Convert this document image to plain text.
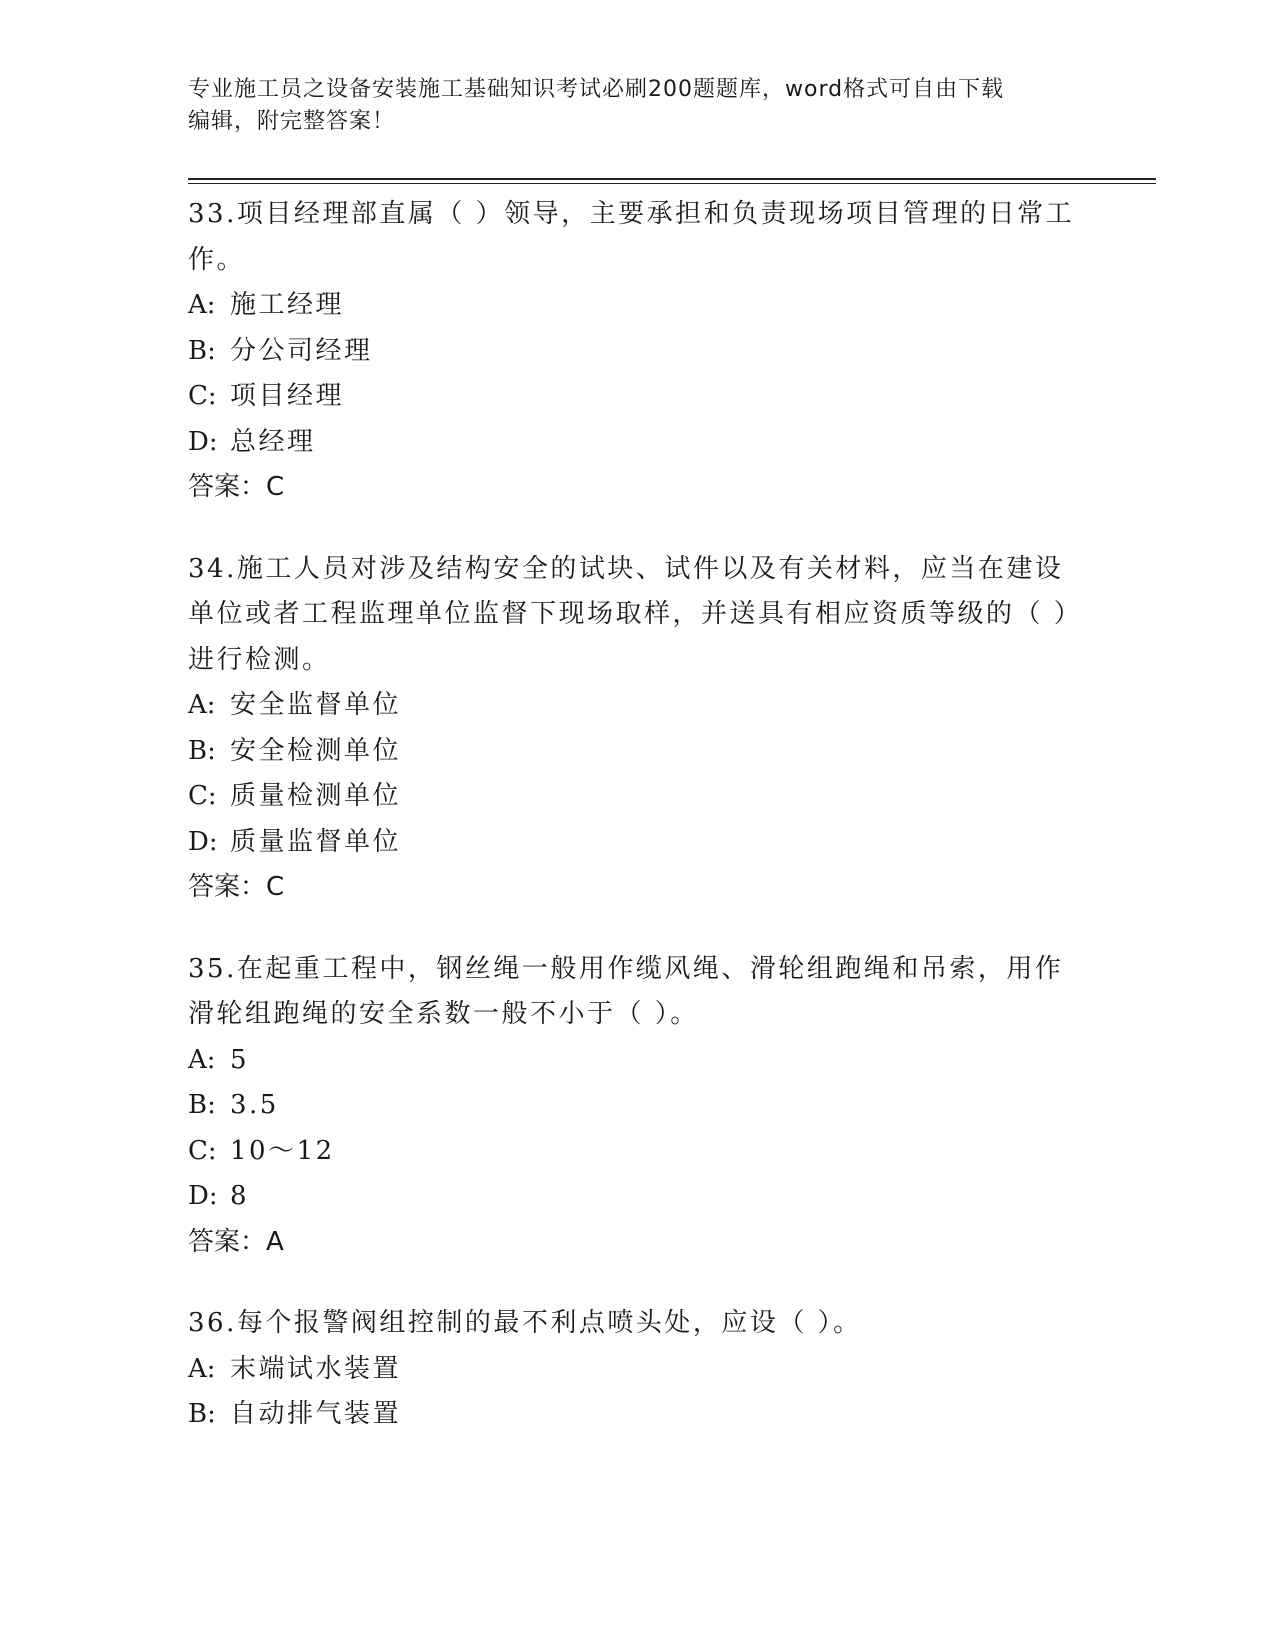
专业施工员之设备安装施工基础知识考试必刷200题题库，word格式可自由下载
编辑，附完整答案！

33.项目经理部直属（ ）领导，主要承担和负责现场项目管理的日常工作。

A: 施工经理

B: 分公司经理

C: 项目经理

D: 总经理

答案：C

34.施工人员对涉及结构安全的试块、试件以及有关材料，应当在建设单位或者工程监理单位监督下现场取样，并送具有相应资质等级的（ ）进行检测。

A: 安全监督单位

B: 安全检测单位

C: 质量检测单位

D: 质量监督单位

答案：C

35.在起重工程中，钢丝绳一般用作缆风绳、滑轮组跑绳和吊索，用作滑轮组跑绳的安全系数一般不小于（ ）。

A: 5

B: 3.5

C: 10～12

D: 8

答案：A

36.每个报警阀组控制的最不利点喷头处，应设（ ）。

A: 末端试水装置

B: 自动排气装置
